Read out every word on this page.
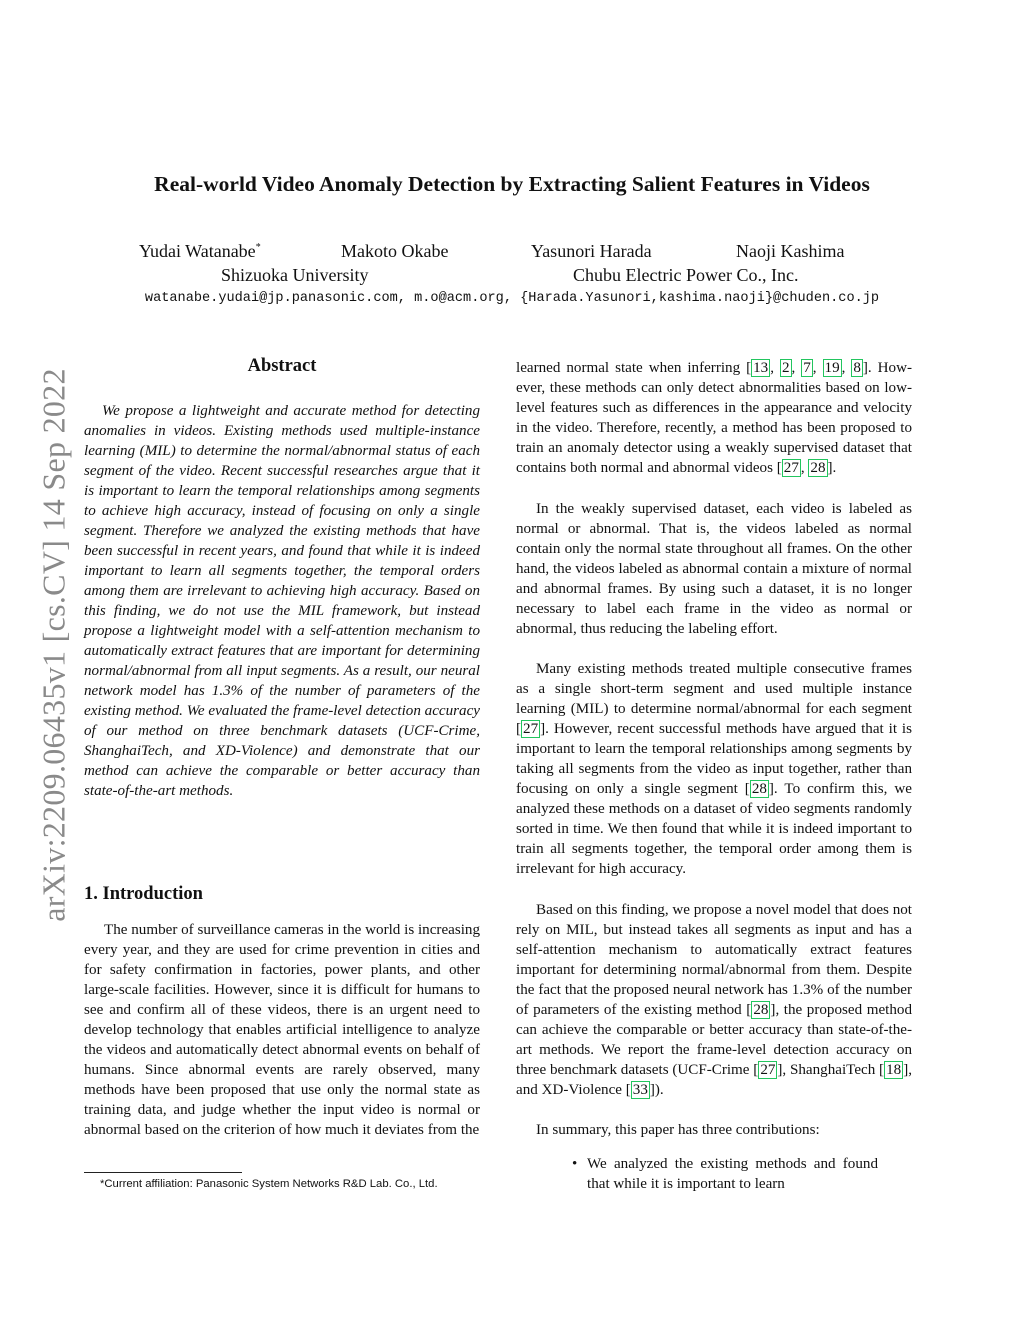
arXiv:2209.06435v1 [cs.CV] 14 Sep 2022
Real-world Video Anomaly Detection by Extracting Salient Features in Videos
Yudai Watanabe*	Makoto Okabe	Yasunori Harada	Naoji Kashima
Shizuoka University	Chubu Electric Power Co., Inc.
watanabe.yudai@jp.panasonic.com, m.o@acm.org, {Harada.Yasunori,kashima.naoji}@chuden.co.jp
Abstract

We propose a lightweight and accurate method for detecting anomalies in videos. Existing methods used multiple-instance learning (MIL) to determine the normal/abnormal status of each segment of the video. Recent successful researches argue that it is important to learn the temporal relationships among segments to achieve high accuracy, instead of focusing on only a single segment. Therefore we analyzed the existing methods that have been successful in recent years, and found that while it is indeed important to learn all segments together, the temporal orders among them are irrelevant to achieving high accuracy. Based on this finding, we do not use the MIL framework, but instead propose a lightweight model with a self-attention mechanism to automatically extract features that are important for determining normal/abnormal from all input segments. As a result, our neural network model has 1.3% of the number of parameters of the existing method. We evaluated the frame-level detection accuracy of our method on three benchmark datasets (UCF-Crime, ShanghaiTech, and XD-Violence) and demonstrate that our method can achieve the comparable or better accuracy than state-of-the-art methods.

1. Introduction

The number of surveillance cameras in the world is increasing every year, and they are used for crime prevention in cities and for safety confirmation in factories, power plants, and other large-scale facilities. However, since it is difficult for humans to see and confirm all of these videos, there is an urgent need to develop technology that enables artificial intelligence to analyze the videos and automatically detect abnormal events on behalf of humans. Since abnormal events are rarely observed, many methods have been proposed that use only the normal state as training data, and judge whether the input video is normal or abnormal based on the criterion of how much it deviates from the

*Current affiliation: Panasonic System Networks R&D Lab. Co., Ltd.

learned normal state when inferring [ 13 , 2 , 7 , 19 , 8 ]. However, these methods can only detect abnormalities based on low-level features such as differences in the appearance and velocity in the video. Therefore, recently, a method has been proposed to train an anomaly detector using a weakly supervised dataset that contains both normal and abnormal videos [ 27 , 28 ].

In the weakly supervised dataset, each video is labeled as normal or abnormal. That is, the videos labeled as normal contain only the normal state throughout all frames. On the other hand, the videos labeled as abnormal contain a mixture of normal and abnormal frames. By using such a dataset, it is no longer necessary to label each frame in the video as normal or abnormal, thus reducing the labeling effort.

Many existing methods treated multiple consecutive frames as a single short-term segment and used multiple instance learning (MIL) to determine normal/abnormal for each segment [ 27 ]. However, recent successful methods have argued that it is important to learn the temporal relationships among segments by taking all segments from the video as input together, rather than focusing on only a single segment [ 28 ]. To confirm this, we analyzed these methods on a dataset of video segments randomly sorted in time. We then found that while it is indeed important to train all segments together, the temporal order among them is irrelevant for high accuracy.

Based on this finding, we propose a novel model that does not rely on MIL, but instead takes all segments as input and has a self-attention mechanism to automatically extract features important for determining normal/abnormal from them. Despite the fact that the proposed neural network has 1.3% of the number of parameters of the existing method [ 28 ], the proposed method can achieve the comparable or better accuracy than state-of-the-art methods. We report the frame-level detection accuracy on three benchmark datasets (UCF-Crime [ 27 ], ShanghaiTech [ 18 ], and XD-Violence [ 33 ]).

In summary, this paper has three contributions:

• We analyzed the existing methods and found that while it is important to learn
